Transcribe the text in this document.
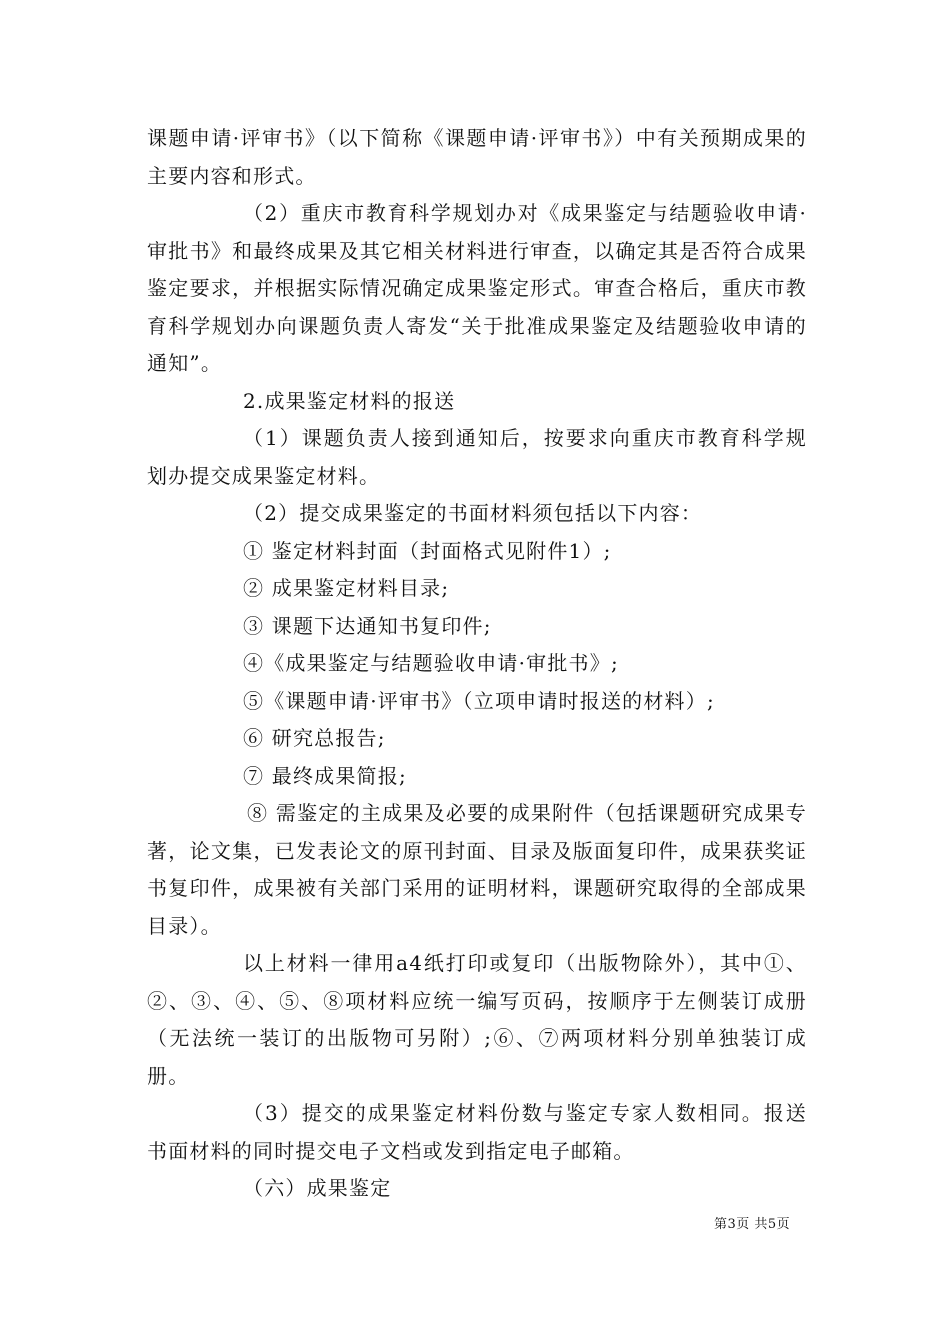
课题申请·评审书》（以下简称《课题申请·评审书》）中有关预期成果的主要内容和形式。

（2）重庆市教育科学规划办对《成果鉴定与结题验收申请·审批书》和最终成果及其它相关材料进行审查，以确定其是否符合成果鉴定要求，并根据实际情况确定成果鉴定形式。审查合格后，重庆市教育科学规划办向课题负责人寄发“关于批准成果鉴定及结题验收申请的通知”。

2.成果鉴定材料的报送

（1）课题负责人接到通知后，按要求向重庆市教育科学规划办提交成果鉴定材料。

（2）提交成果鉴定的书面材料须包括以下内容：

① 鉴定材料封面（封面格式见附件1）;

② 成果鉴定材料目录;

③ 课题下达通知书复印件;

④《成果鉴定与结题验收申请·审批书》;

⑤《课题申请·评审书》（立项申请时报送的材料）;

⑥ 研究总报告;

⑦ 最终成果简报;

⑧ 需鉴定的主成果及必要的成果附件（包括课题研究成果专著，论文集，已发表论文的原刊封面、目录及版面复印件，成果获奖证书复印件，成果被有关部门采用的证明材料，课题研究取得的全部成果目录）。

以上材料一律用a4纸打印或复印（出版物除外），其中①、②、③、④、⑤、⑧项材料应统一编写页码，按顺序于左侧装订成册（无法统一装订的出版物可另附）;⑥、⑦两项材料分别单独装订成册。

（3）提交的成果鉴定材料份数与鉴定专家人数相同。报送书面材料的同时提交电子文档或发到指定电子邮箱。

（六）成果鉴定

第3页 共5页
